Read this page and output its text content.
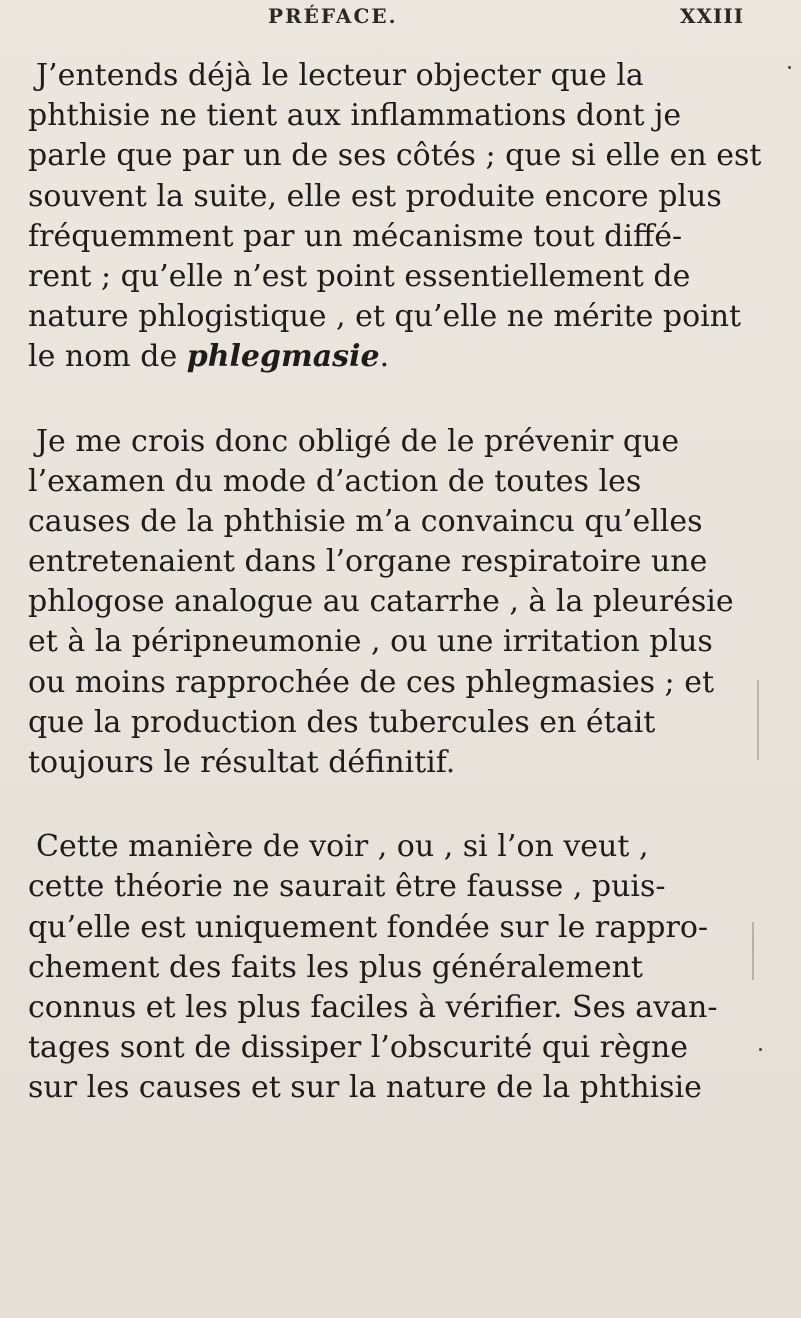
PRÉFACE.	XXIII

J’entends déjà le lecteur objecter que la
phthisie ne tient aux inflammations dont je
parle que par un de ses côtés ; que si elle en est
souvent la suite, elle est produite encore plus
fréquemment par un mécanisme tout diffé-
rent ; qu’elle n’est point essentiellement de
nature phlogistique , et qu’elle ne mérite point
le nom de phlegmasie.

Je me crois donc obligé de le prévenir que
l’examen du mode d’action de toutes les
causes de la phthisie m’a convaincu qu’elles
entretenaient dans l’organe respiratoire une
phlogose analogue au catarrhe , à la pleurésie
et à la péripneumonie , ou une irritation plus
ou moins rapprochée de ces phlegmasies ; et
que la production des tubercules en était
toujours le résultat définitif.

Cette manière de voir , ou , si l’on veut ,
cette théorie ne saurait être fausse , puis-
qu’elle est uniquement fondée sur le rappro-
chement des faits les plus généralement
connus et les plus faciles à vérifier. Ses avan-
tages sont de dissiper l’obscurité qui règne
sur les causes et sur la nature de la phthisie
